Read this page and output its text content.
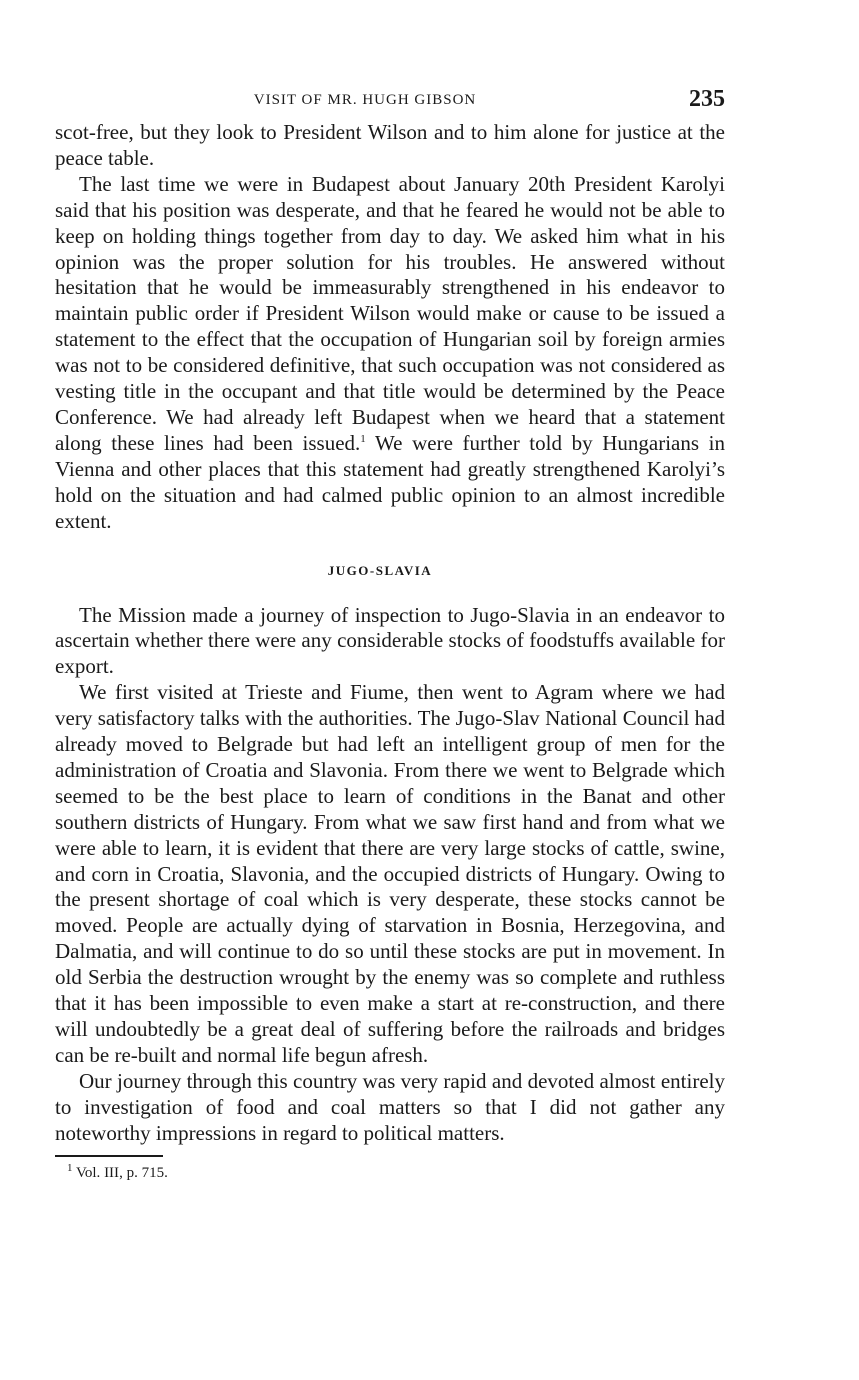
VISIT OF MR. HUGH GIBSON	235

scot-free, but they look to President Wilson and to him alone for justice at the peace table.

The last time we were in Budapest about January 20th President Karolyi said that his position was desperate, and that he feared he would not be able to keep on holding things together from day to day. We asked him what in his opinion was the proper solution for his troubles. He answered without hesitation that he would be immeasurably strengthened in his endeavor to maintain public order if President Wilson would make or cause to be issued a statement to the effect that the occupation of Hungarian soil by foreign armies was not to be considered definitive, that such occupation was not considered as vesting title in the occupant and that title would be determined by the Peace Conference. We had already left Budapest when we heard that a statement along these lines had been issued.$^1$ We were further told by Hungarians in Vienna and other places that this statement had greatly strengthened Karolyi’s hold on the situation and had calmed public opinion to an almost incredible extent.

JUGO-SLAVIA

The Mission made a journey of inspection to Jugo-Slavia in an endeavor to ascertain whether there were any considerable stocks of foodstuffs available for export.

We first visited at Trieste and Fiume, then went to Agram where we had very satisfactory talks with the authorities. The Jugo-Slav National Council had already moved to Belgrade but had left an intelligent group of men for the administration of Croatia and Slavonia. From there we went to Belgrade which seemed to be the best place to learn of conditions in the Banat and other southern districts of Hungary. From what we saw first hand and from what we were able to learn, it is evident that there are very large stocks of cattle, swine, and corn in Croatia, Slavonia, and the occupied districts of Hungary. Owing to the present shortage of coal which is very desperate, these stocks cannot be moved. People are actually dying of starvation in Bosnia, Herzegovina, and Dalmatia, and will continue to do so until these stocks are put in movement. In old Serbia the destruction wrought by the enemy was so complete and ruthless that it has been impossible to even make a start at re-construction, and there will undoubtedly be a great deal of suffering before the railroads and bridges can be re-built and normal life begun afresh.

Our journey through this country was very rapid and devoted almost entirely to investigation of food and coal matters so that I did not gather any noteworthy impressions in regard to political matters.

$^1$ Vol. III, p. 715.
